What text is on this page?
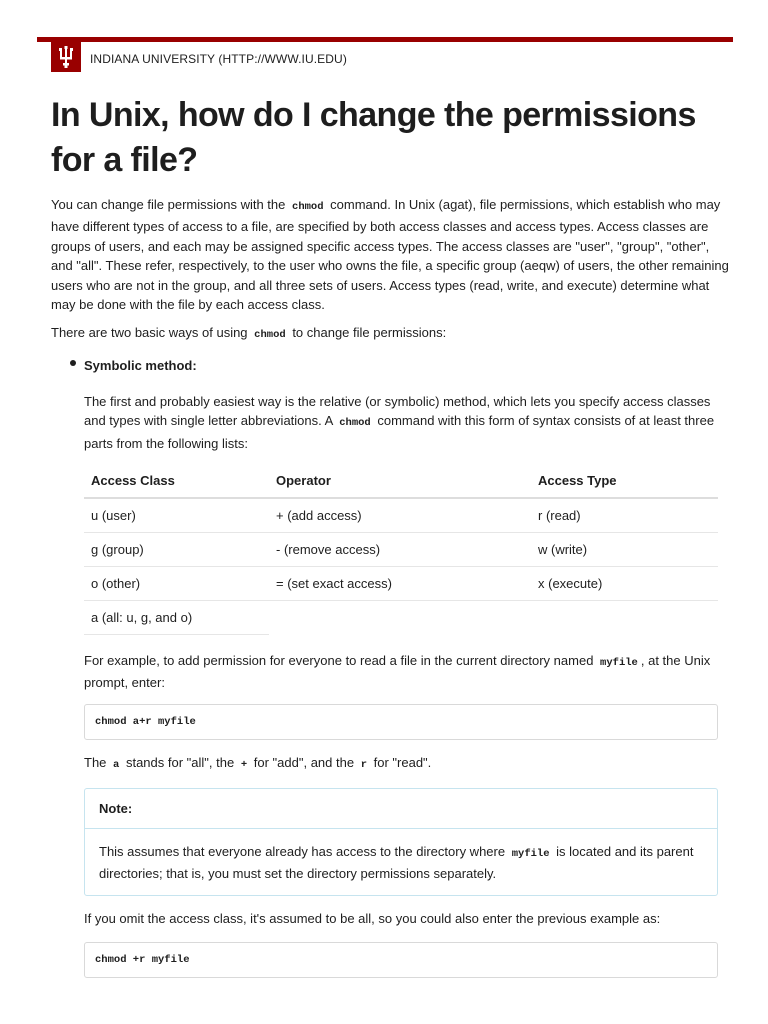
INDIANA UNIVERSITY (HTTP://WWW.IU.EDU)
In Unix, how do I change the permissions for a file?

You can change file permissions with the chmod command. In Unix (agat), file permissions, which establish who may have different types of access to a file, are specified by both access classes and access types. Access classes are groups of users, and each may be assigned specific access types. The access classes are "user", "group", "other", and "all". These refer, respectively, to the user who owns the file, a specific group (aeqw) of users, the other remaining users who are not in the group, and all three sets of users. Access types (read, write, and execute) determine what may be done with the file by each access class.

There are two basic ways of using chmod to change file permissions:

Symbolic method:

The first and probably easiest way is the relative (or symbolic) method, which lets you specify access classes and types with single letter abbreviations. A chmod command with this form of syntax consists of at least three parts from the following lists:

Access Class	Operator	Access Type
u (user)	+ (add access)	r (read)
g (group)	- (remove access)	w (write)
o (other)	= (set exact access)	x (execute)
a (all: u, g, and o)		

For example, to add permission for everyone to read a file in the current directory named myfile , at the Unix prompt, enter:

chmod a+r myfile

The a stands for "all", the + for "add", and the r for "read".

Note:

This assumes that everyone already has access to the directory where myfile is located and its parent directories; that is, you must set the directory permissions separately.

If you omit the access class, it's assumed to be all, so you could also enter the previous example as:

chmod +r myfile
